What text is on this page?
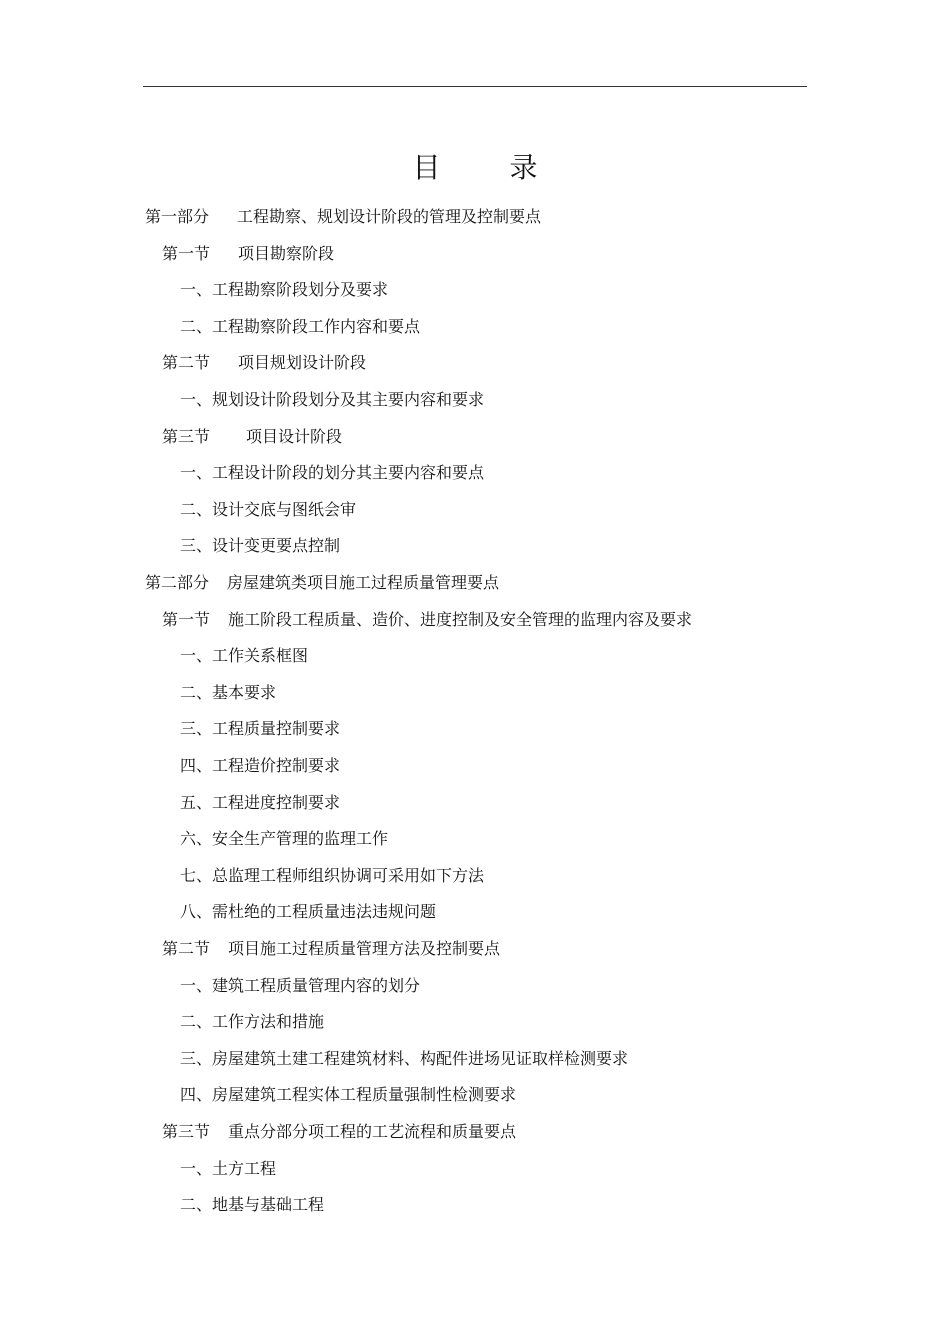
目 录
第一部分 工程勘察、规划设计阶段的管理及控制要点
第一节 项目勘察阶段
一、工程勘察阶段划分及要求
二、工程勘察阶段工作内容和要点
第二节 项目规划设计阶段
一、规划设计阶段划分及其主要内容和要求
第三节 项目设计阶段
一、工程设计阶段的划分其主要内容和要点
二、设计交底与图纸会审
三、设计变更要点控制
第二部分 房屋建筑类项目施工过程质量管理要点
第一节 施工阶段工程质量、造价、进度控制及安全管理的监理内容及要求
一、工作关系框图
二、基本要求
三、工程质量控制要求
四、工程造价控制要求
五、工程进度控制要求
六、安全生产管理的监理工作
七、总监理工程师组织协调可采用如下方法
八、需杜绝的工程质量违法违规问题
第二节 项目施工过程质量管理方法及控制要点
一、建筑工程质量管理内容的划分
二、工作方法和措施
三、房屋建筑土建工程建筑材料、构配件进场见证取样检测要求
四、房屋建筑工程实体工程质量强制性检测要求
第三节 重点分部分项工程的工艺流程和质量要点
一、土方工程
二、地基与基础工程
